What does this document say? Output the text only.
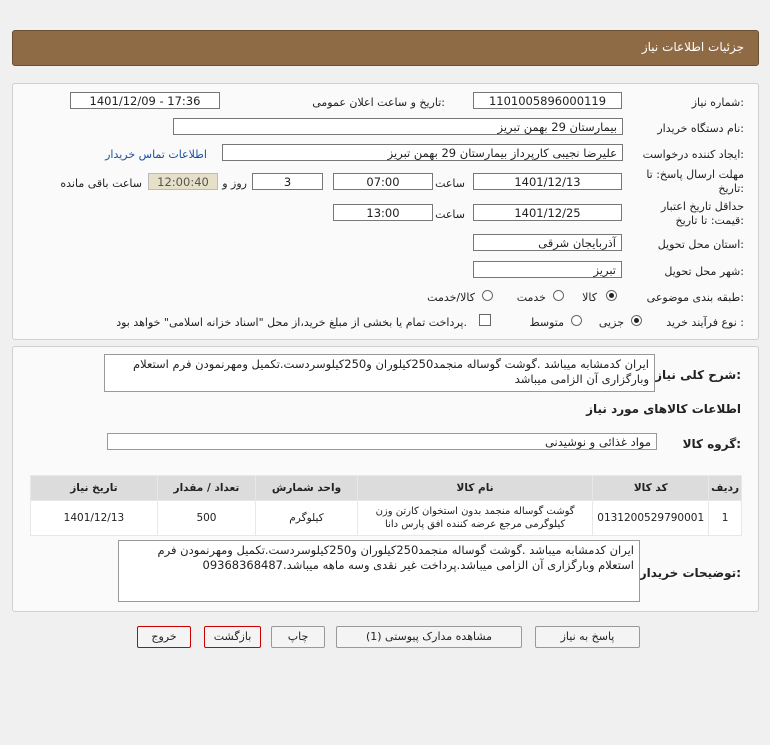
جزئیات اطلاعات نیاز
شماره نیاز:
1101005896000119
تاریخ و ساعت اعلان عمومی:
1401/12/09 - 17:36
نام دستگاه خریدار:
بیمارستان 29 بهمن تبریز
ایجاد کننده درخواست:
علیرضا نجیبی کارپرداز بیمارستان 29 بهمن تبریز
اطلاعات تماس خریدار
مهلت ارسال پاسخ: تا تاریخ:
1401/12/13
ساعت
07:00
3
روز و
12:00:40
ساعت باقی مانده
حداقل تاریخ اعتبار قیمت: تا تاریخ:
1401/12/25
ساعت
13:00
استان محل تحویل:
آذربایجان شرقی
شهر محل تحویل:
تبریز
طبقه بندی موضوعی:
کالا
خدمت
کالا/خدمت
نوع فرآیند خرید :
جزیی
متوسط
پرداخت تمام یا بخشی از مبلغ خرید،از محل "اسناد خزانه اسلامی" خواهد بود.
شرح کلی نیاز:
ایران کدمشابه میباشد .گوشت گوساله منجمد250کیلوران و250کیلوسردست.تکمیل ومهرنمودن فرم استعلام وبارگزاری آن الزامی میباشد
اطلاعات کالاهای مورد نیاز
گروه کالا:
مواد غذائی و نوشیدنی
ردیف	کد کالا	نام کالا	واحد شمارش	تعداد / مقدار	تاریخ نیاز
1	0131200529790001	گوشت گوساله منجمد بدون استخوان کارتن وزن کیلوگرمی مرجع عرضه کننده افق پارس دانا	کیلوگرم	500	1401/12/13
توضیحات خریدار:
ایران کدمشابه میباشد .گوشت گوساله منجمد250کیلوران و250کیلوسردست.تکمیل ومهرنمودن فرم استعلام وبارگزاری آن الزامی میباشد.پرداخت غیر نقدی وسه ماهه میباشد.09368368487
پاسخ به نیاز
مشاهده مدارک پیوستی (1)
چاپ
بازگشت
خروج
